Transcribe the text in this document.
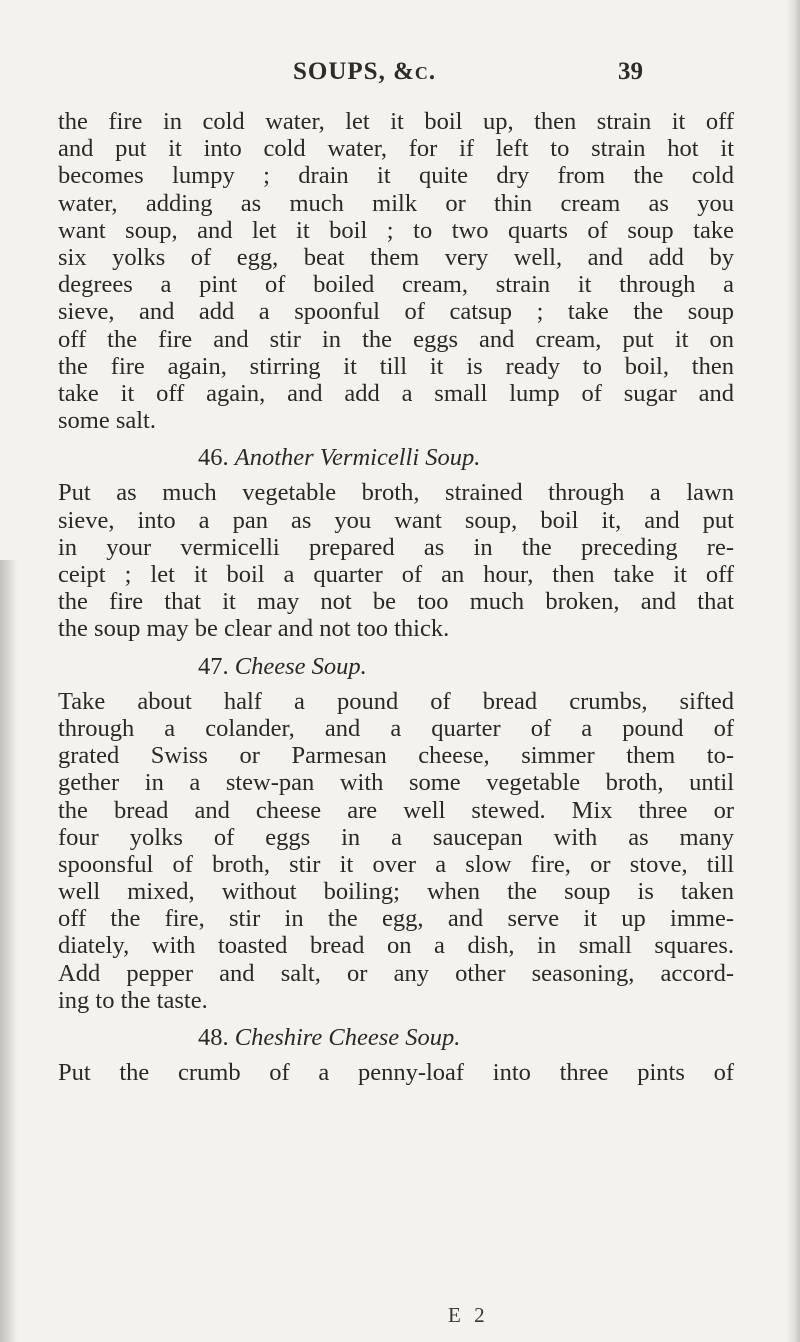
SOUPS, &c.	39
the fire in cold water, let it boil up, then strain it off
and put it into cold water, for if left to strain hot it
becomes lumpy ; drain it quite dry from the cold
water, adding as much milk or thin cream as you
want soup, and let it boil ; to two quarts of soup take
six yolks of egg, beat them very well, and add by
degrees a pint of boiled cream, strain it through a
sieve, and add a spoonful of catsup ; take the soup
off the fire and stir in the eggs and cream, put it on
the fire again, stirring it till it is ready to boil, then
take it off again, and add a small lump of sugar and
some salt.
46. Another Vermicelli Soup.
Put as much vegetable broth, strained through a lawn
sieve, into a pan as you want soup, boil it, and put
in your vermicelli prepared as in the preceding re-
ceipt ; let it boil a quarter of an hour, then take it off
the fire that it may not be too much broken, and that
the soup may be clear and not too thick.
47. Cheese Soup.
Take about half a pound of bread crumbs, sifted
through a colander, and a quarter of a pound of
grated Swiss or Parmesan cheese, simmer them to-
gether in a stew-pan with some vegetable broth, until
the bread and cheese are well stewed. Mix three or
four yolks of eggs in a saucepan with as many
spoonsful of broth, stir it over a slow fire, or stove, till
well mixed, without boiling; when the soup is taken
off the fire, stir in the egg, and serve it up imme-
diately, with toasted bread on a dish, in small squares.
Add pepper and salt, or any other seasoning, accord-
ing to the taste.
48. Cheshire Cheese Soup.
Put the crumb of a penny-loaf into three pints of
E 2
